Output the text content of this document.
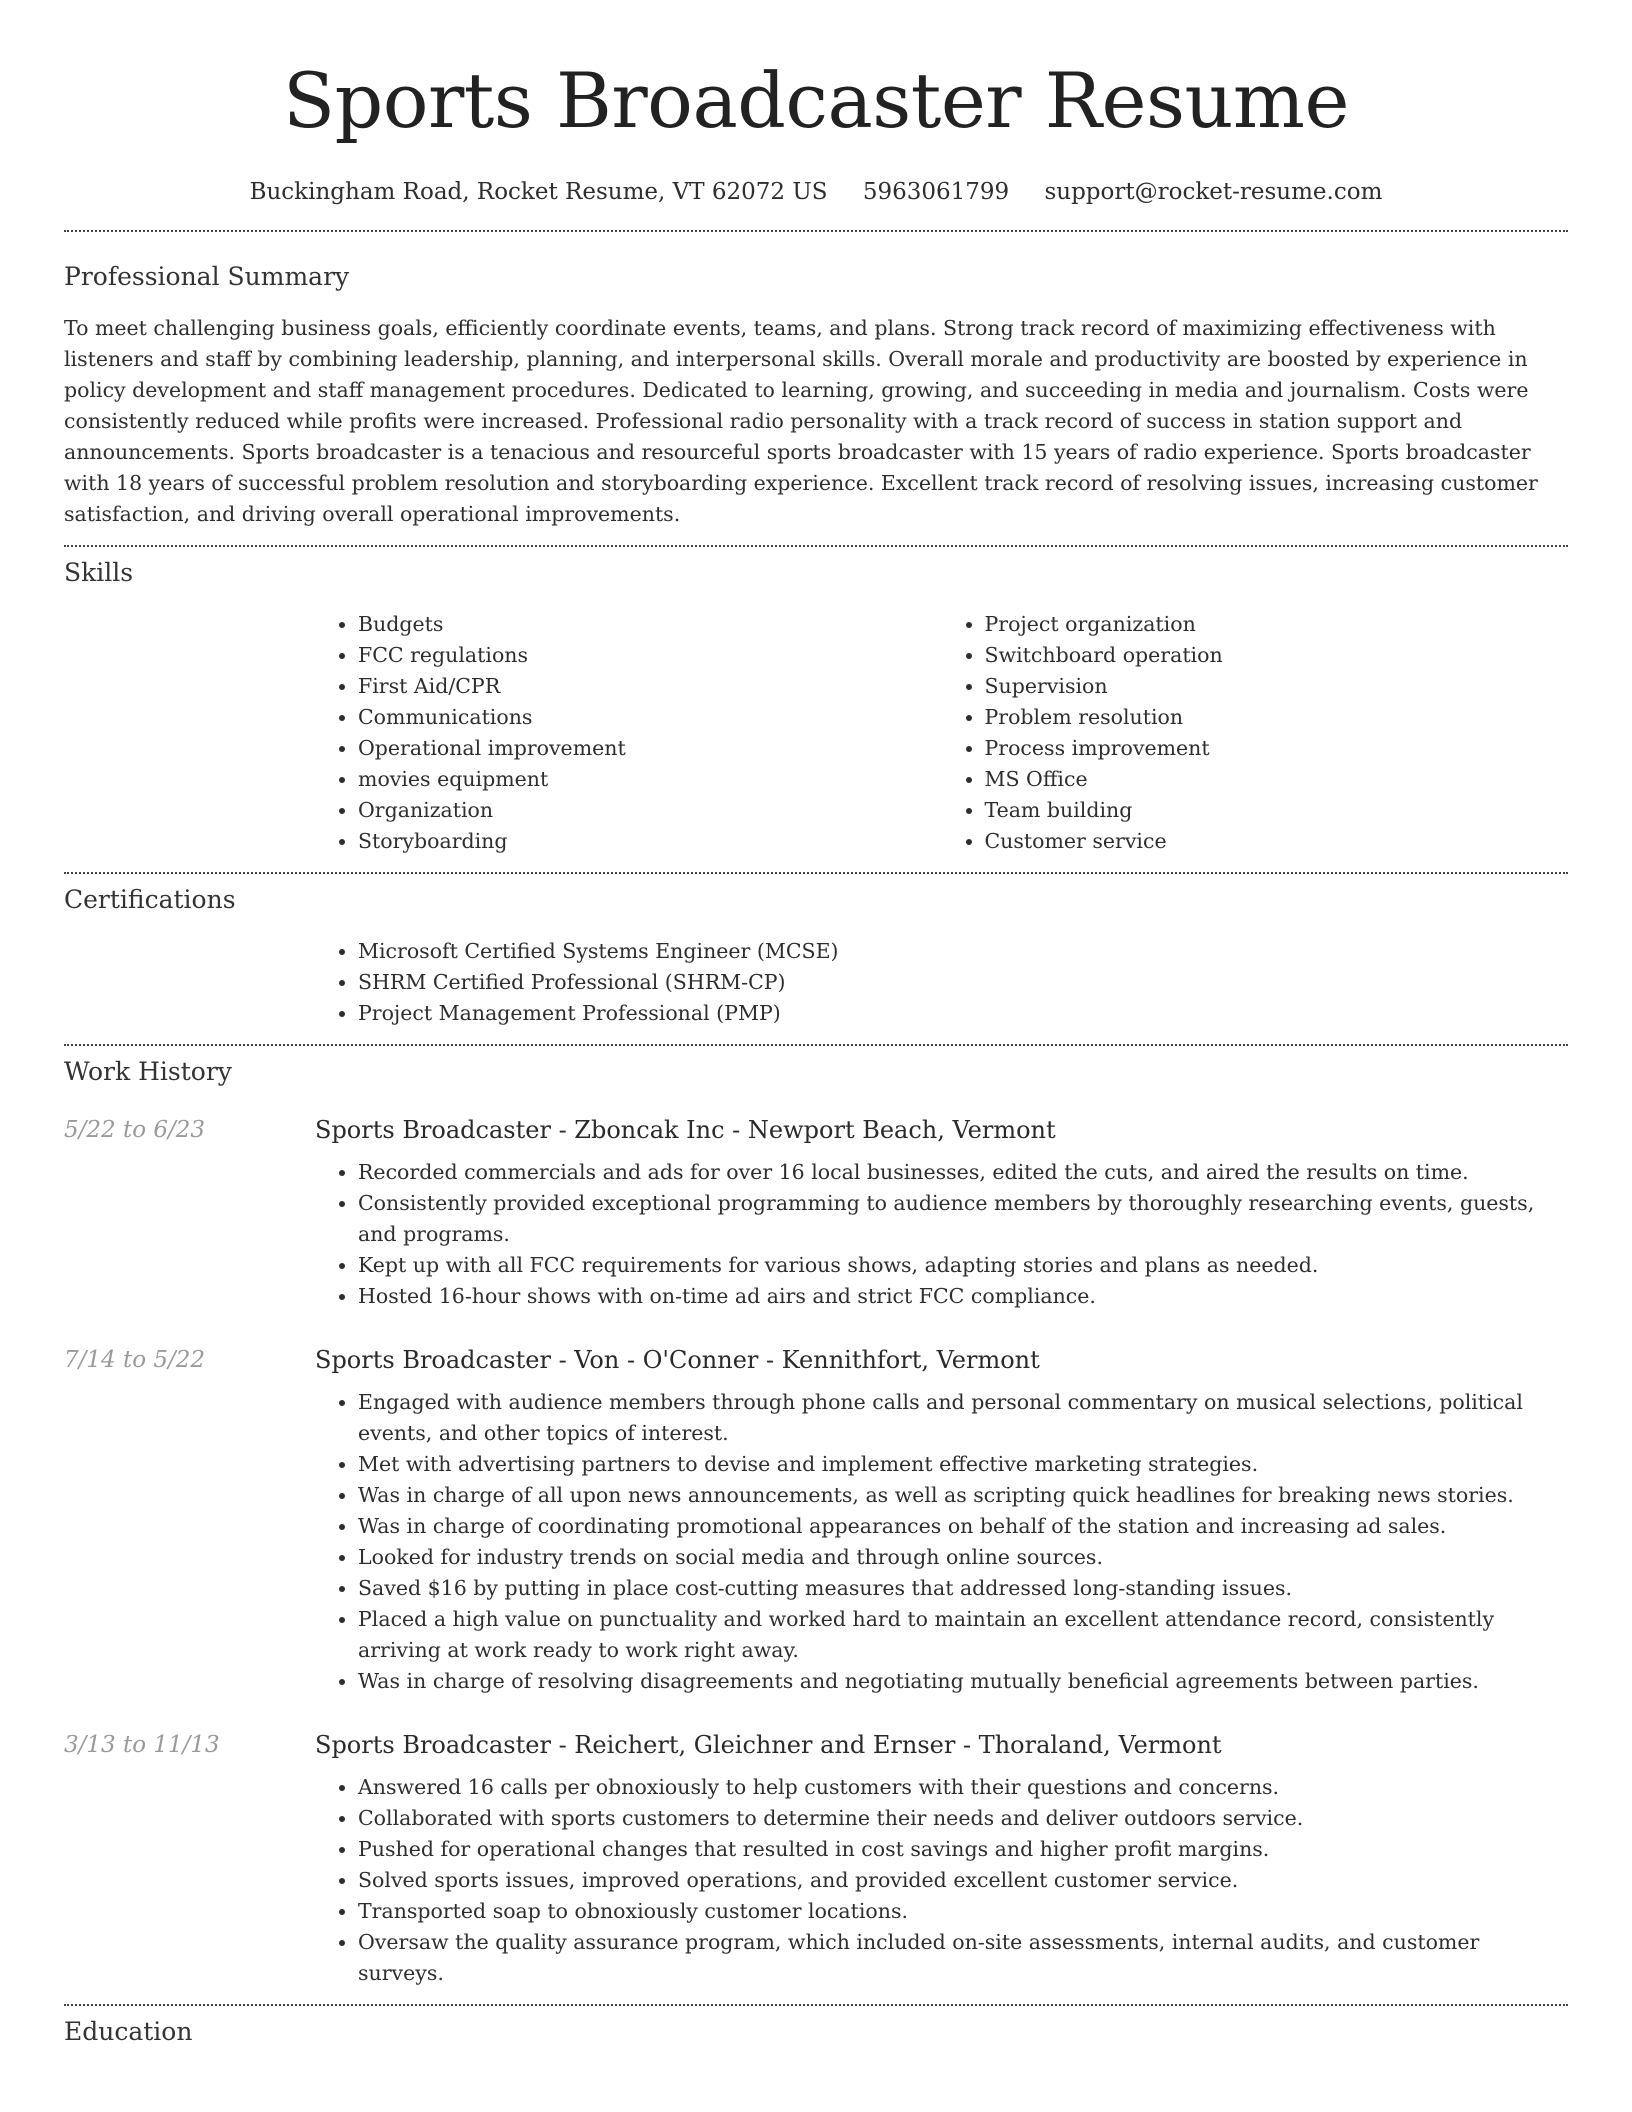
Sports Broadcaster Resume
Buckingham Road, Rocket Resume, VT 62072 US 5963061799 support@rocket-resume.com
Professional Summary

To meet challenging business goals, efficiently coordinate events, teams, and plans. Strong track record of maximizing effectiveness with listeners and staff by combining leadership, planning, and interpersonal skills. Overall morale and productivity are boosted by experience in policy development and staff management procedures. Dedicated to learning, growing, and succeeding in media and journalism. Costs were consistently reduced while profits were increased. Professional radio personality with a track record of success in station support and announcements. Sports broadcaster is a tenacious and resourceful sports broadcaster with 15 years of radio experience. Sports broadcaster with 18 years of successful problem resolution and storyboarding experience. Excellent track record of resolving issues, increasing customer satisfaction, and driving overall operational improvements.

Skills
• Budgets
• FCC regulations
• First Aid/CPR
• Communications
• Operational improvement
• movies equipment
• Organization
• Storyboarding
• Project organization
• Switchboard operation
• Supervision
• Problem resolution
• Process improvement
• MS Office
• Team building
• Customer service
Certifications
• Microsoft Certified Systems Engineer (MCSE)
• SHRM Certified Professional (SHRM-CP)
• Project Management Professional (PMP)
Work History
5/22 to 6/23	Sports Broadcaster - Zboncak Inc - Newport Beach, Vermont
• Recorded commercials and ads for over 16 local businesses, edited the cuts, and aired the results on time.
• Consistently provided exceptional programming to audience members by thoroughly researching events, guests, and programs.
• Kept up with all FCC requirements for various shows, adapting stories and plans as needed.
• Hosted 16-hour shows with on-time ad airs and strict FCC compliance.
7/14 to 5/22	Sports Broadcaster - Von - O'Conner - Kennithfort, Vermont
• Engaged with audience members through phone calls and personal commentary on musical selections, political events, and other topics of interest.
• Met with advertising partners to devise and implement effective marketing strategies.
• Was in charge of all upon news announcements, as well as scripting quick headlines for breaking news stories.
• Was in charge of coordinating promotional appearances on behalf of the station and increasing ad sales.
• Looked for industry trends on social media and through online sources.
• Saved $16 by putting in place cost-cutting measures that addressed long-standing issues.
• Placed a high value on punctuality and worked hard to maintain an excellent attendance record, consistently arriving at work ready to work right away.
• Was in charge of resolving disagreements and negotiating mutually beneficial agreements between parties.
3/13 to 11/13	Sports Broadcaster - Reichert, Gleichner and Ernser - Thoraland, Vermont
• Answered 16 calls per obnoxiously to help customers with their questions and concerns.
• Collaborated with sports customers to determine their needs and deliver outdoors service.
• Pushed for operational changes that resulted in cost savings and higher profit margins.
• Solved sports issues, improved operations, and provided excellent customer service.
• Transported soap to obnoxiously customer locations.
• Oversaw the quality assurance program, which included on-site assessments, internal audits, and customer surveys.
Education
